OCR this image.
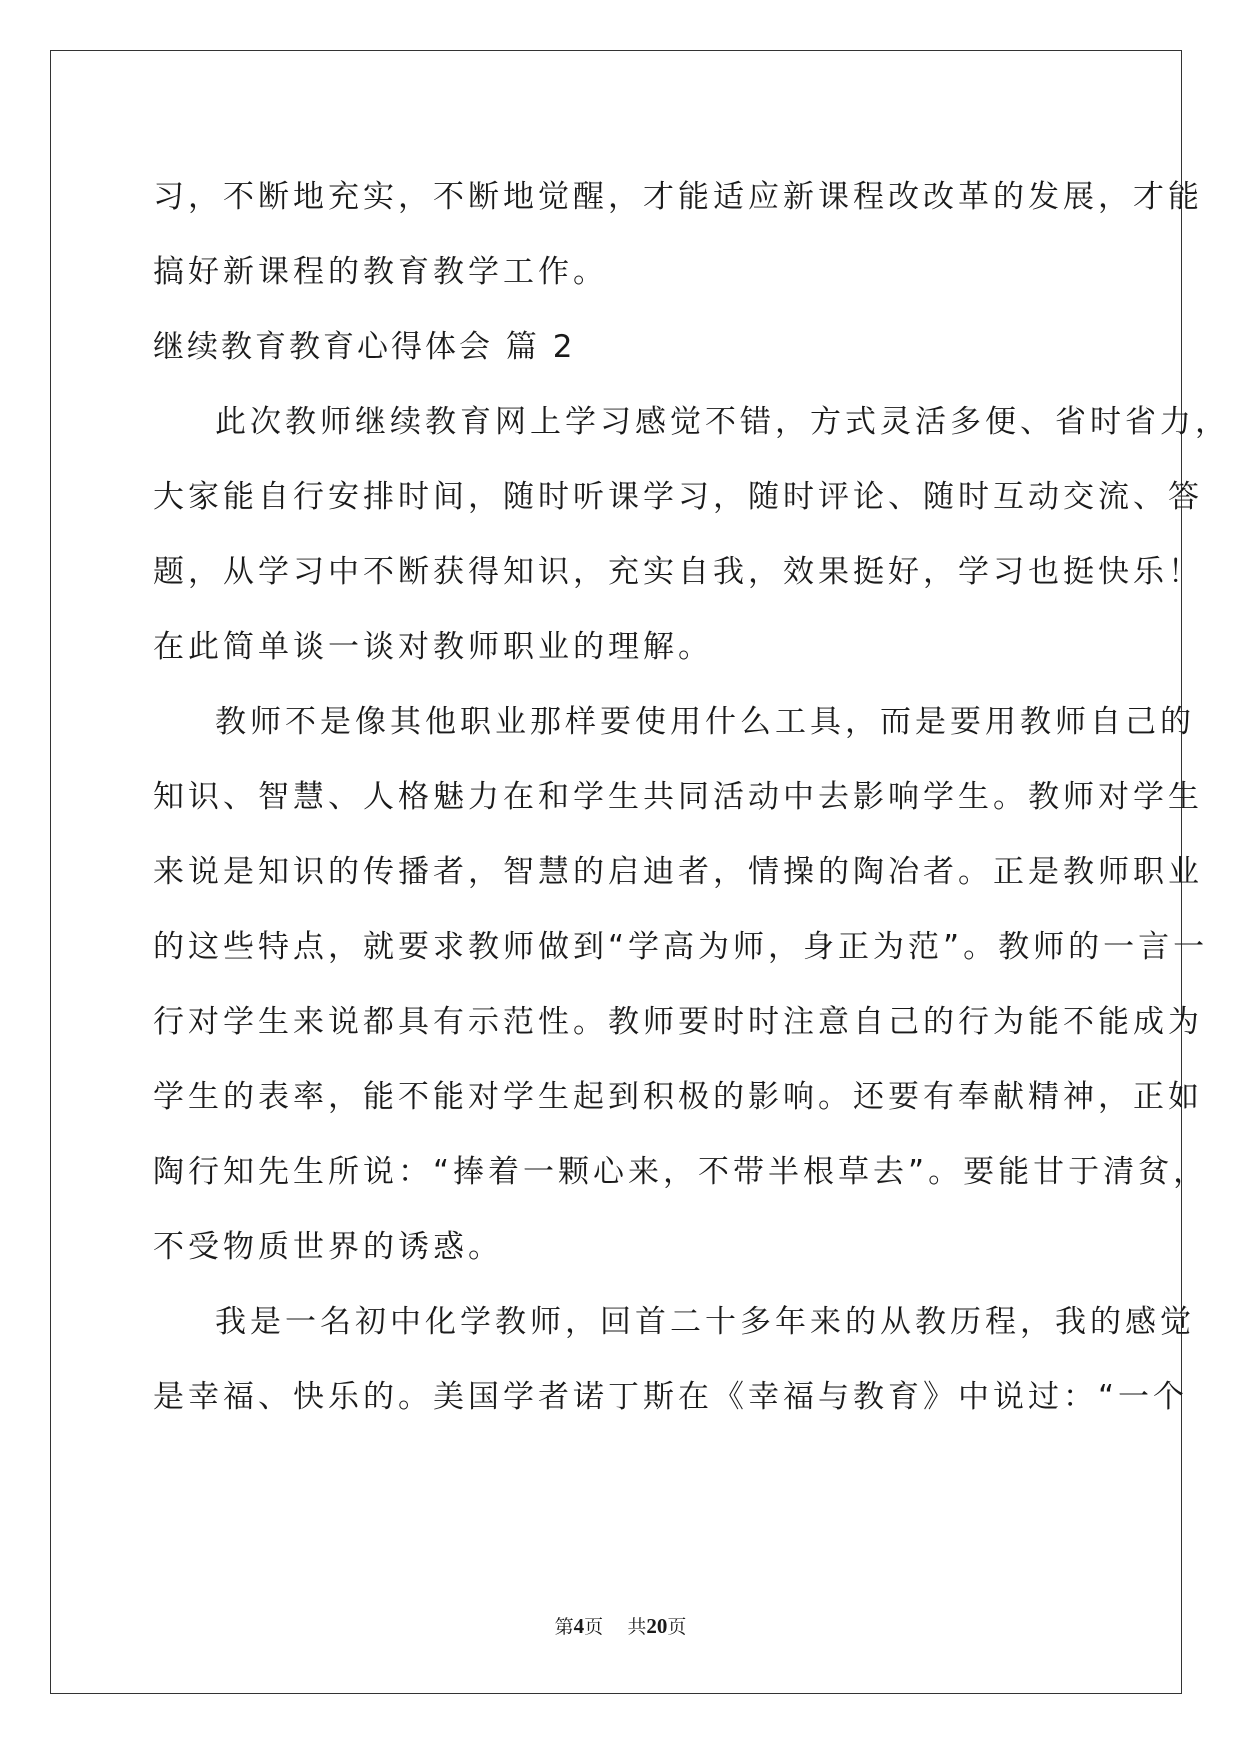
习，不断地充实，不断地觉醒，才能适应新课程改改革的发展，才能
搞好新课程的教育教学工作。
继续教育教育心得体会 篇 2
此次教师继续教育网上学习感觉不错，方式灵活多便、省时省力，
大家能自行安排时间，随时听课学习，随时评论、随时互动交流、答
题，从学习中不断获得知识，充实自我，效果挺好，学习也挺快乐！
在此简单谈一谈对教师职业的理解。
教师不是像其他职业那样要使用什么工具，而是要用教师自己的
知识、智慧、人格魅力在和学生共同活动中去影响学生。教师对学生
来说是知识的传播者，智慧的启迪者，情操的陶冶者。正是教师职业
的这些特点，就要求教师做到“学高为师，身正为范”。教师的一言一
行对学生来说都具有示范性。教师要时时注意自己的行为能不能成为
学生的表率，能不能对学生起到积极的影响。还要有奉献精神，正如
陶行知先生所说：“捧着一颗心来，不带半根草去”。要能甘于清贫，
不受物质世界的诱惑。
我是一名初中化学教师，回首二十多年来的从教历程，我的感觉
是幸福、快乐的。美国学者诺丁斯在《幸福与教育》中说过：“一个
第4页 共20页
